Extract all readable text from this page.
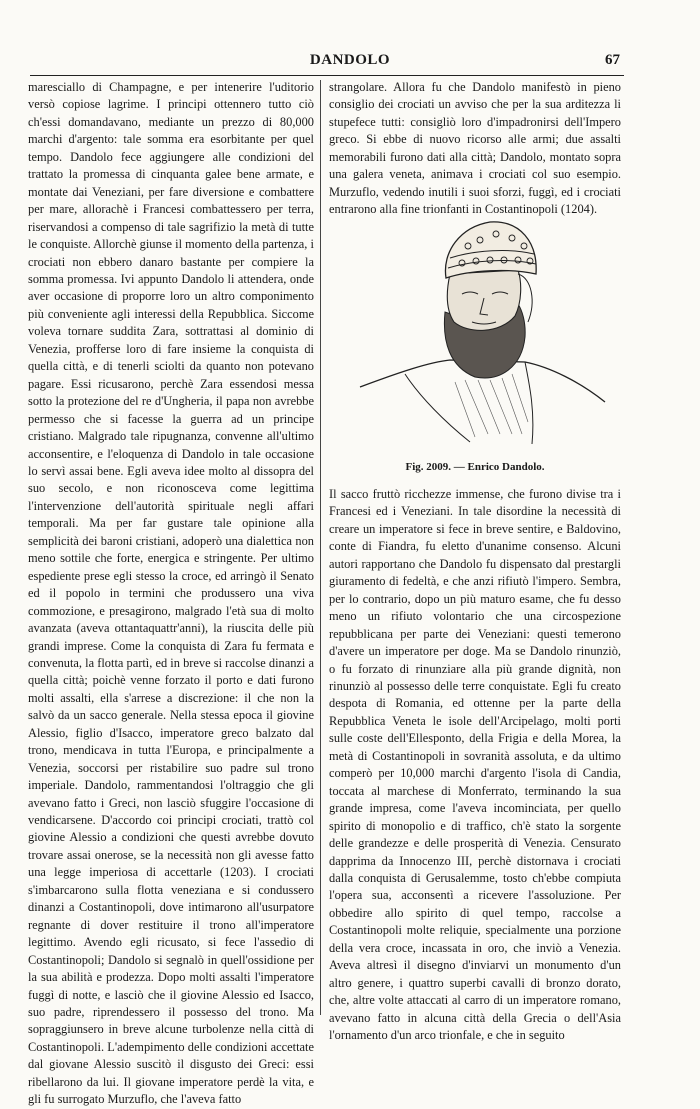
DANDOLO	67

maresciallo di Champagne, e per intenerire l'uditorio versò copiose lagrime. I principi ottennero tutto ciò ch'essi domandavano, mediante un prezzo di 80,000 marchi d'argento: tale somma era esorbitante per quel tempo. Dandolo fece aggiungere alle condizioni del trattato la promessa di cinquanta galee bene armate, e montate dai Veneziani, per fare diversione e combattere per mare, allorachè i Francesi combattessero per terra, riservandosi a compenso di tale sagrifizio la metà di tutte le conquiste. Allorchè giunse il momento della partenza, i crociati non ebbero danaro bastante per compiere la somma promessa. Ivi appunto Dandolo li attendera, onde aver occasione di proporre loro un altro componimento più conveniente agli interessi della Repubblica. Siccome voleva tornare suddita Zara, sottrattasi al dominio di Venezia, profferse loro di fare insieme la conquista di quella città, e di tenerli sciolti da quanto non potevano pagare. Essi ricusarono, perchè Zara essendosi messa sotto la protezione del re d'Ungheria, il papa non avrebbe permesso che si facesse la guerra ad un principe cristiano. Malgrado tale ripugnanza, convenne all'ultimo acconsentire, e l'eloquenza di Dandolo in tale occasione lo servì assai bene. Egli aveva idee molto al dissopra del suo secolo, e non riconosceva come legittima l'intervenzione dell'autorità spirituale negli affari temporali. Ma per far gustare tale opinione alla semplicità dei baroni cristiani, adoperò una dialettica non meno sottile che forte, energica e stringente. Per ultimo espediente prese egli stesso la croce, ed arringò il Senato ed il popolo in termini che produssero una viva commozione, e presagirono, malgrado l'età sua di molto avanzata (aveva ottantaquattr'anni), la riuscita delle più grandi imprese. Come la conquista di Zara fu fermata e convenuta, la flotta partì, ed in breve si raccolse dinanzi a quella città; poichè venne forzato il porto e dati furono molti assalti, ella s'arrese a discrezione: il che non la salvò da un sacco generale. Nella stessa epoca il giovine Alessio, figlio d'Isacco, imperatore greco balzato dal trono, mendicava in tutta l'Europa, e principalmente a Venezia, soccorsi per ristabilire suo padre sul trono imperiale. Dandolo, rammentandosi l'oltraggio che gli avevano fatto i Greci, non lasciò sfuggire l'occasione di vendicarsene. D'accordo coi principi crociati, trattò col giovine Alessio a condizioni che questi avrebbe dovuto trovare assai onerose, se la necessità non gli avesse fatto una legge imperiosa di accettarle (1203). I crociati s'imbarcarono sulla flotta veneziana e si condussero dinanzi a Costantinopoli, dove intimarono all'usurpatore regnante di dover restituire il trono all'imperatore legittimo. Avendo egli ricusato, si fece l'assedio di Costantinopoli; Dandolo si segnalò in quell'ossidione per la sua abilità e prodezza. Dopo molti assalti l'imperatore fuggì di notte, e lasciò che il giovine Alessio ed Isacco, suo padre, riprendessero il possesso del trono. Ma sopraggiunsero in breve alcune turbolenze nella città di Costantinopoli. L'adempimento delle condizioni accettate dal giovane Alessio suscitò il disgusto dei Greci: essi ribellarono da lui. Il giovane imperatore perdè la vita, e gli fu surrogato Murzuflo, che l'aveva fatto

strangolare. Allora fu che Dandolo manifestò in pieno consiglio dei crociati un avviso che per la sua arditezza li stupefece tutti: consigliò loro d'impadronirsi dell'Impero greco. Si ebbe di nuovo ricorso alle armi; due assalti memorabili furono dati alla città; Dandolo, montato sopra una galera veneta, animava i crociati col suo esempio. Murzuflo, vedendo inutili i suoi sforzi, fuggì, ed i crociati entrarono alla fine trionfanti in Costantinopoli (1204).

Fig. 2009. — Enrico Dandolo.

Il sacco fruttò ricchezze immense, che furono divise tra i Francesi ed i Veneziani. In tale disordine la necessità di creare un imperatore si fece in breve sentire, e Baldovino, conte di Fiandra, fu eletto d'unanime consenso. Alcuni autori rapportano che Dandolo fu dispensato dal prestargli giuramento di fedeltà, e che anzi rifiutò l'impero. Sembra, per lo contrario, dopo un più maturo esame, che fu desso meno un rifiuto volontario che una circospezione repubblicana per parte dei Veneziani: questi temerono d'avere un imperatore per doge. Ma se Dandolo rinunziò, o fu forzato di rinunziare alla più grande dignità, non rinunziò al possesso delle terre conquistate. Egli fu creato despota di Romania, ed ottenne per la parte della Repubblica Veneta le isole dell'Arcipelago, molti porti sulle coste dell'Ellesponto, della Frigia e della Morea, la metà di Costantinopoli in sovranità assoluta, e da ultimo comperò per 10,000 marchi d'argento l'isola di Candia, toccata al marchese di Monferrato, terminando la sua grande impresa, come l'aveva incominciata, per quello spirito di monopolio e di traffico, ch'è stato la sorgente delle grandezze e delle prosperità di Venezia. Censurato dapprima da Innocenzo III, perchè distornava i crociati dalla conquista di Gerusalemme, tosto ch'ebbe compiuta l'opera sua, acconsentì a ricevere l'assoluzione. Per obbedire allo spirito di quel tempo, raccolse a Costantinopoli molte reliquie, specialmente una porzione della vera croce, incassata in oro, che inviò a Venezia. Aveva altresì il disegno d'inviarvi un monumento d'un altro genere, i quattro superbi cavalli di bronzo dorato, che, altre volte attaccati al carro di un imperatore romano, avevano fatto in alcuna città della Grecia o dell'Asia l'ornamento d'un arco trionfale, e che in seguito
